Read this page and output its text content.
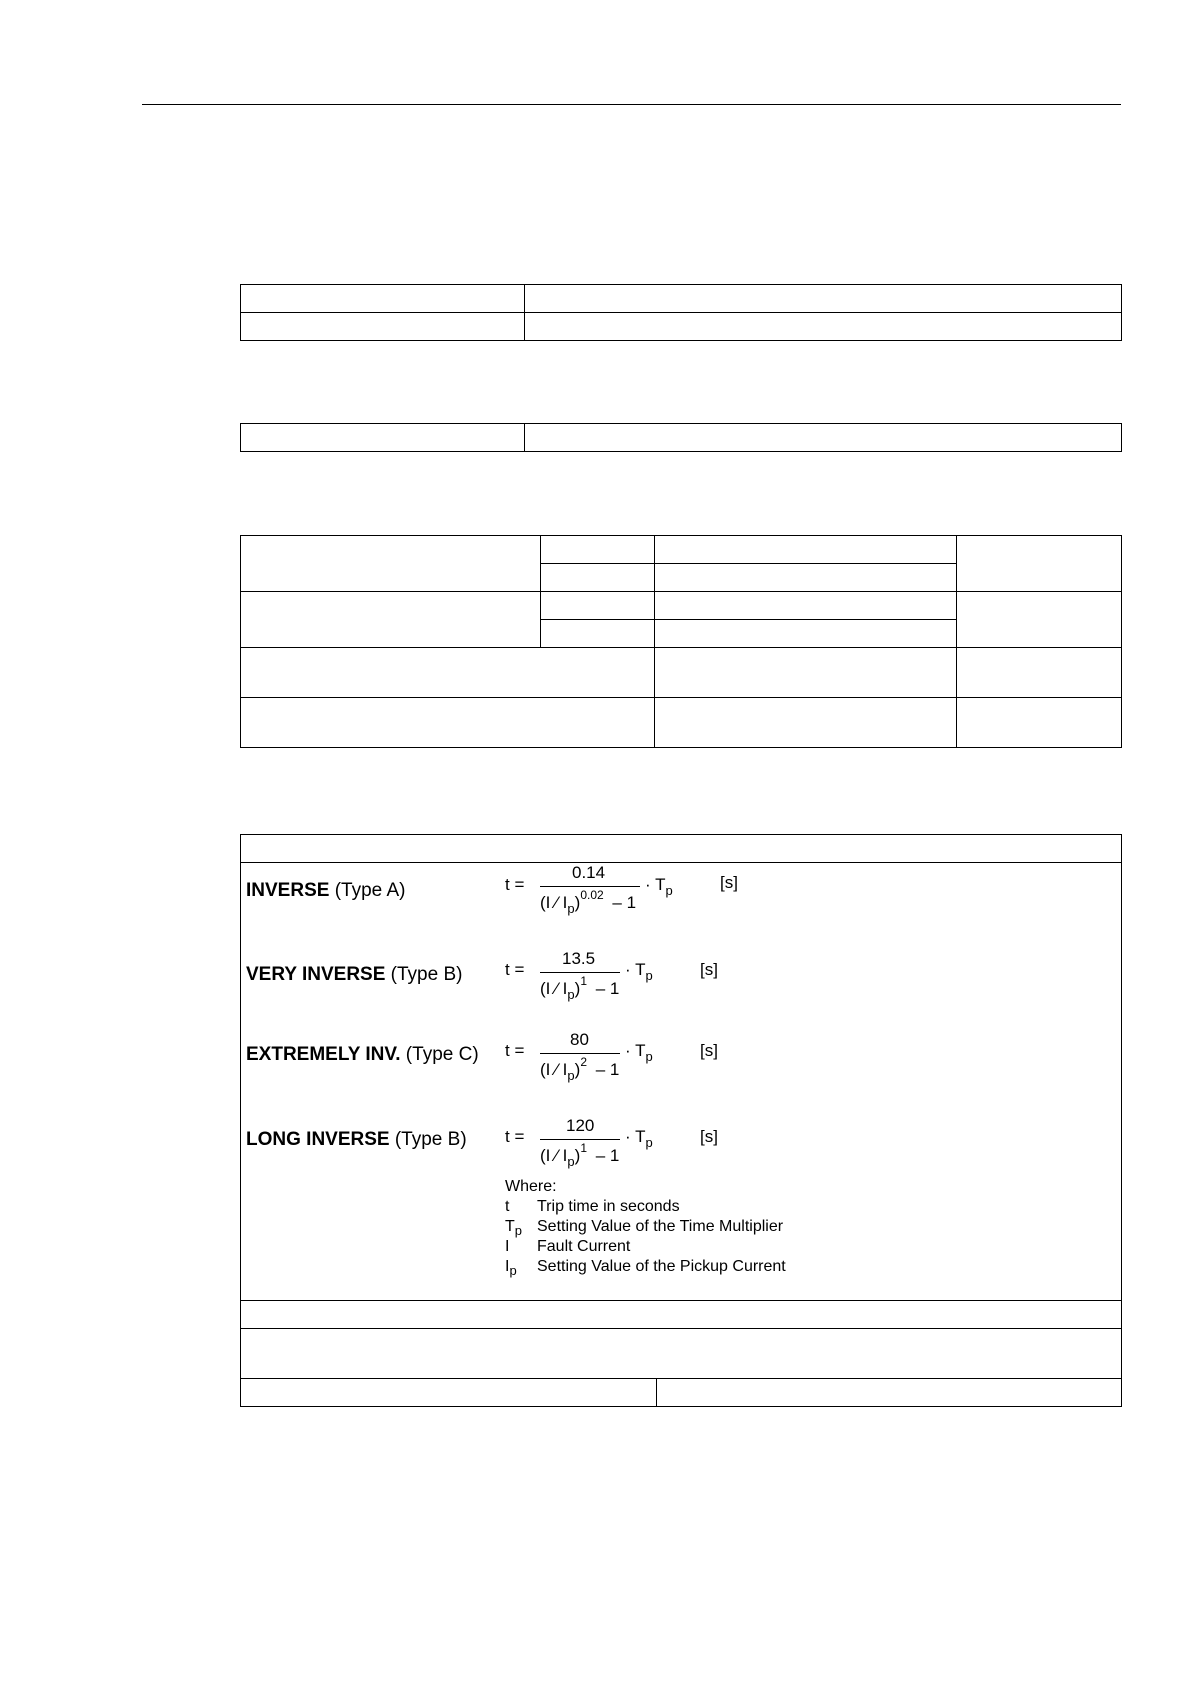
INVERSE (Type A)	t =
0.14
(I ⁄ $I_p)^{0.02} - 1$
· $T_p$	[s]
VERY INVERSE (Type B)	t =
13.5
(I ⁄ $I_p)^1 - 1$
· $T_p$	[s]
EXTREMELY INV. (Type C) t =
80
(I ⁄ $I_p)^2 - 1$
· $T_p$	[s]
LONG INVERSE (Type B) t =
120
(I ⁄ $I_p)^1 - 1$
· $T_p$	[s]
Where:
t Trip time in seconds
$T_p$ Setting Value of the Time Multiplier
I Fault Current
$I_p$ Setting Value of the Pickup Current
